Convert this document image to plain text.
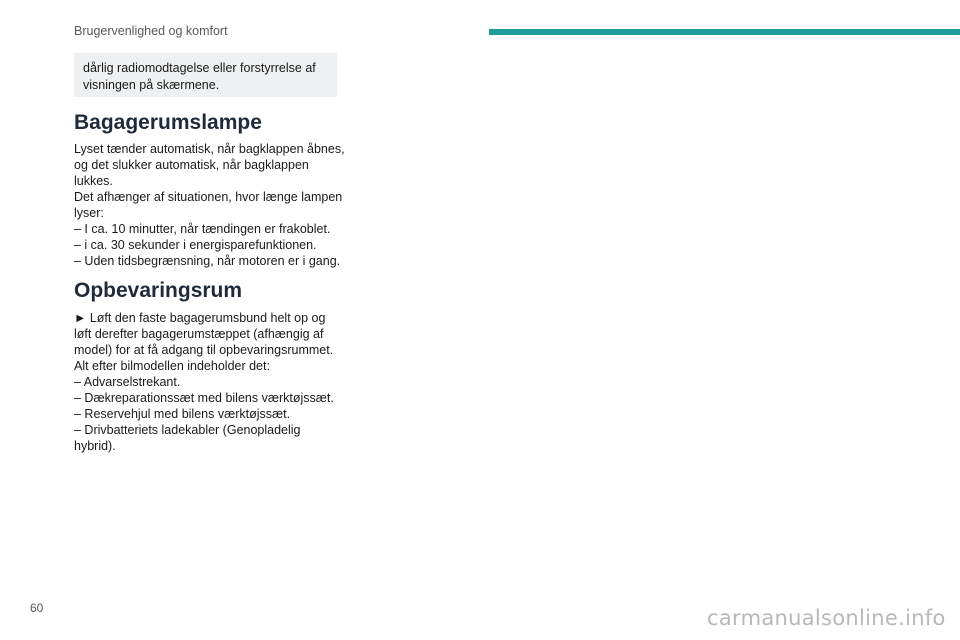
Brugervenlighed og komfort

dårlig radiomodtagelse eller forstyrrelse af

visningen på skærmene.

Bagagerumslampe

Lyset tænder automatisk, når bagklappen åbnes,

og det slukker automatisk, når bagklappen

lukkes.

Det afhænger af situationen, hvor længe lampen

lyser:

– I ca. 10 minutter, når tændingen er frakoblet.

– i ca. 30 sekunder i energisparefunktionen.

– Uden tidsbegrænsning, når motoren er i gang.

Opbevaringsrum

► Løft den faste bagagerumsbund helt op og

løft derefter bagagerumstæppet (afhængig af

model) for at få adgang til opbevaringsrummet.

Alt efter bilmodellen indeholder det:

– Advarselstrekant.

– Dækreparationssæt med bilens værktøjssæt.

– Reservehjul med bilens værktøjssæt.

– Drivbatteriets ladekabler (Genopladelig

hybrid).

60	carmanualsonline.info
